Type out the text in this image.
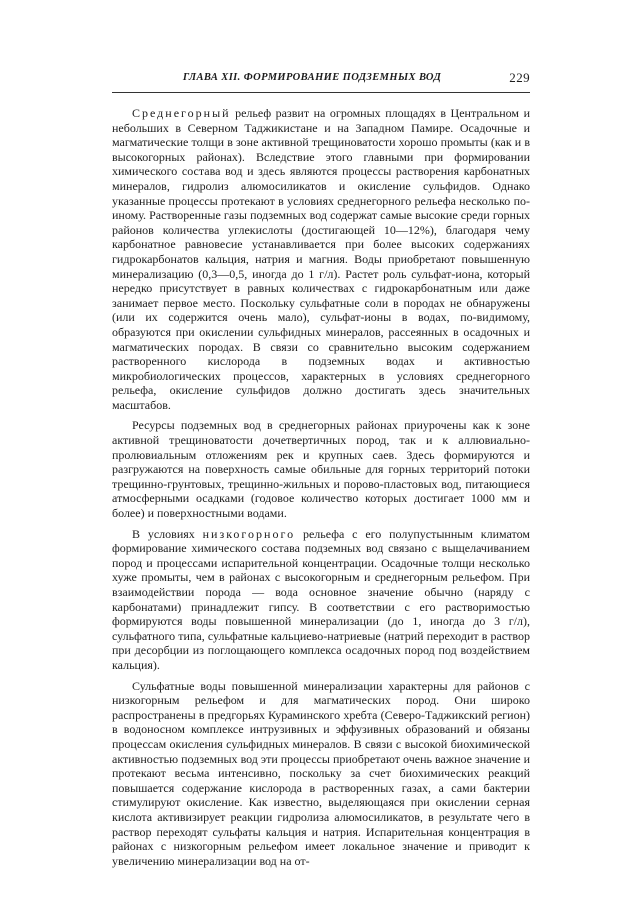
ГЛАВА XII. ФОРМИРОВАНИЕ ПОДЗЕМНЫХ ВОД	229

Среднегорный рельеф развит на огромных площадях в Центральном и небольших в Северном Таджикистане и на Западном Памире. Осадочные и магматические толщи в зоне активной трещиноватости хорошо промыты (как и в высокогорных районах). Вследствие этого главными при формировании химического состава вод и здесь являются процессы растворения карбонатных минералов, гидролиз алюмосиликатов и окисление сульфидов. Однако указанные процессы протекают в условиях среднегорного рельефа несколько по-иному. Растворенные газы подземных вод содержат самые высокие среди горных районов количества углекислоты (достигающей 10—12%), благодаря чему карбонатное равновесие устанавливается при более высоких содержаниях гидрокарбонатов кальция, натрия и магния. Воды приобретают повышенную минерализацию (0,3—0,5, иногда до 1 г/л). Растет роль сульфат-иона, который нередко присутствует в равных количествах с гидрокарбонатным или даже занимает первое место. Поскольку сульфатные соли в породах не обнаружены (или их содержится очень мало), сульфат-ионы в водах, по-видимому, образуются при окислении сульфидных минералов, рассеянных в осадочных и магматических породах. В связи со сравнительно высоким содержанием растворенного кислорода в подземных водах и активностью микробиологических процессов, характерных в условиях среднегорного рельефа, окисление сульфидов должно достигать здесь значительных масштабов.

Ресурсы подземных вод в среднегорных районах приурочены как к зоне активной трещиноватости дочетвертичных пород, так и к аллювиально-пролювиальным отложениям рек и крупных саев. Здесь формируются и разгружаются на поверхность самые обильные для горных территорий потоки трещинно-грунтовых, трещинно-жильных и порово-пластовых вод, питающиеся атмосферными осадками (годовое количество которых достигает 1000 мм и более) и поверхностными водами.

В условиях низкогорного рельефа с его полупустынным климатом формирование химического состава подземных вод связано с выщелачиванием пород и процессами испарительной концентрации. Осадочные толщи несколько хуже промыты, чем в районах с высокогорным и среднегорным рельефом. При взаимодействии порода — вода основное значение обычно (наряду с карбонатами) принадлежит гипсу. В соответствии с его растворимостью формируются воды повышенной минерализации (до 1, иногда до 3 г/л), сульфатного типа, сульфатные кальциево-натриевые (натрий переходит в раствор при десорбции из поглощающего комплекса осадочных пород под воздействием кальция).

Сульфатные воды повышенной минерализации характерны для районов с низкогорным рельефом и для магматических пород. Они широко распространены в предгорьях Кураминского хребта (Северо-Таджикский регион) в водоносном комплексе интрузивных и эффузивных образований и обязаны процессам окисления сульфидных минералов. В связи с высокой биохимической активностью подземных вод эти процессы приобретают очень важное значение и протекают весьма интенсивно, поскольку за счет биохимических реакций повышается содержание кислорода в растворенных газах, а сами бактерии стимулируют окисление. Как известно, выделяющаяся при окислении серная кислота активизирует реакции гидролиза алюмосиликатов, в результате чего в раствор переходят сульфаты кальция и натрия. Испарительная концентрация в районах с низкогорным рельефом имеет локальное значение и приводит к увеличению минерализации вод на от-
